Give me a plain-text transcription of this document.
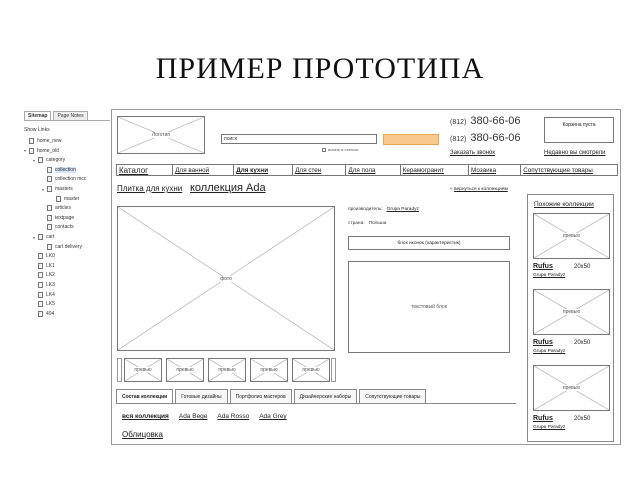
ПРИМЕР ПРОТОТИПА
Sitemap	Page Notes
Show Links
home_new
▾	home_old
▾	category
collection
collection mcc
▾	masters
master
articles
textpage
contacts
▾	cart
cart delivery
LK0
LK1
LK2
LK3
LK4
LK5
404
Логотип
поиск
искать в статьях
(812) 380-66-06
(812) 380-66-06
Заказать звонок
Корзина пуста
Недавно вы смотрели
Каталог	Для ванной	Для кухни	Для стен	Для пола	Керамогранит	Мозаика	Сопутствующие товары
Плитка для кухни коллекция Ada	« вернуться к коллекциям
фото
превью	превью	превью	превью	превью
производитель: Grupa Paradyz
страна: Польша
блок иконок (характеристик)
текстовый блок
Состав коллекции	Готовые дизайны	Портфолио мастеров	Дизайнерские наборы	Сопутствующие товары
вся коллекция Ada Bege Ada Rosso Ada Grey
Облицовка
Похожие коллекции
превью
Rufus	20x50
Grupa Paradyz
превью
Rufus	20x50
Grupa Paradyz
превью
Rufus	20x50
Grupa Paradyz
